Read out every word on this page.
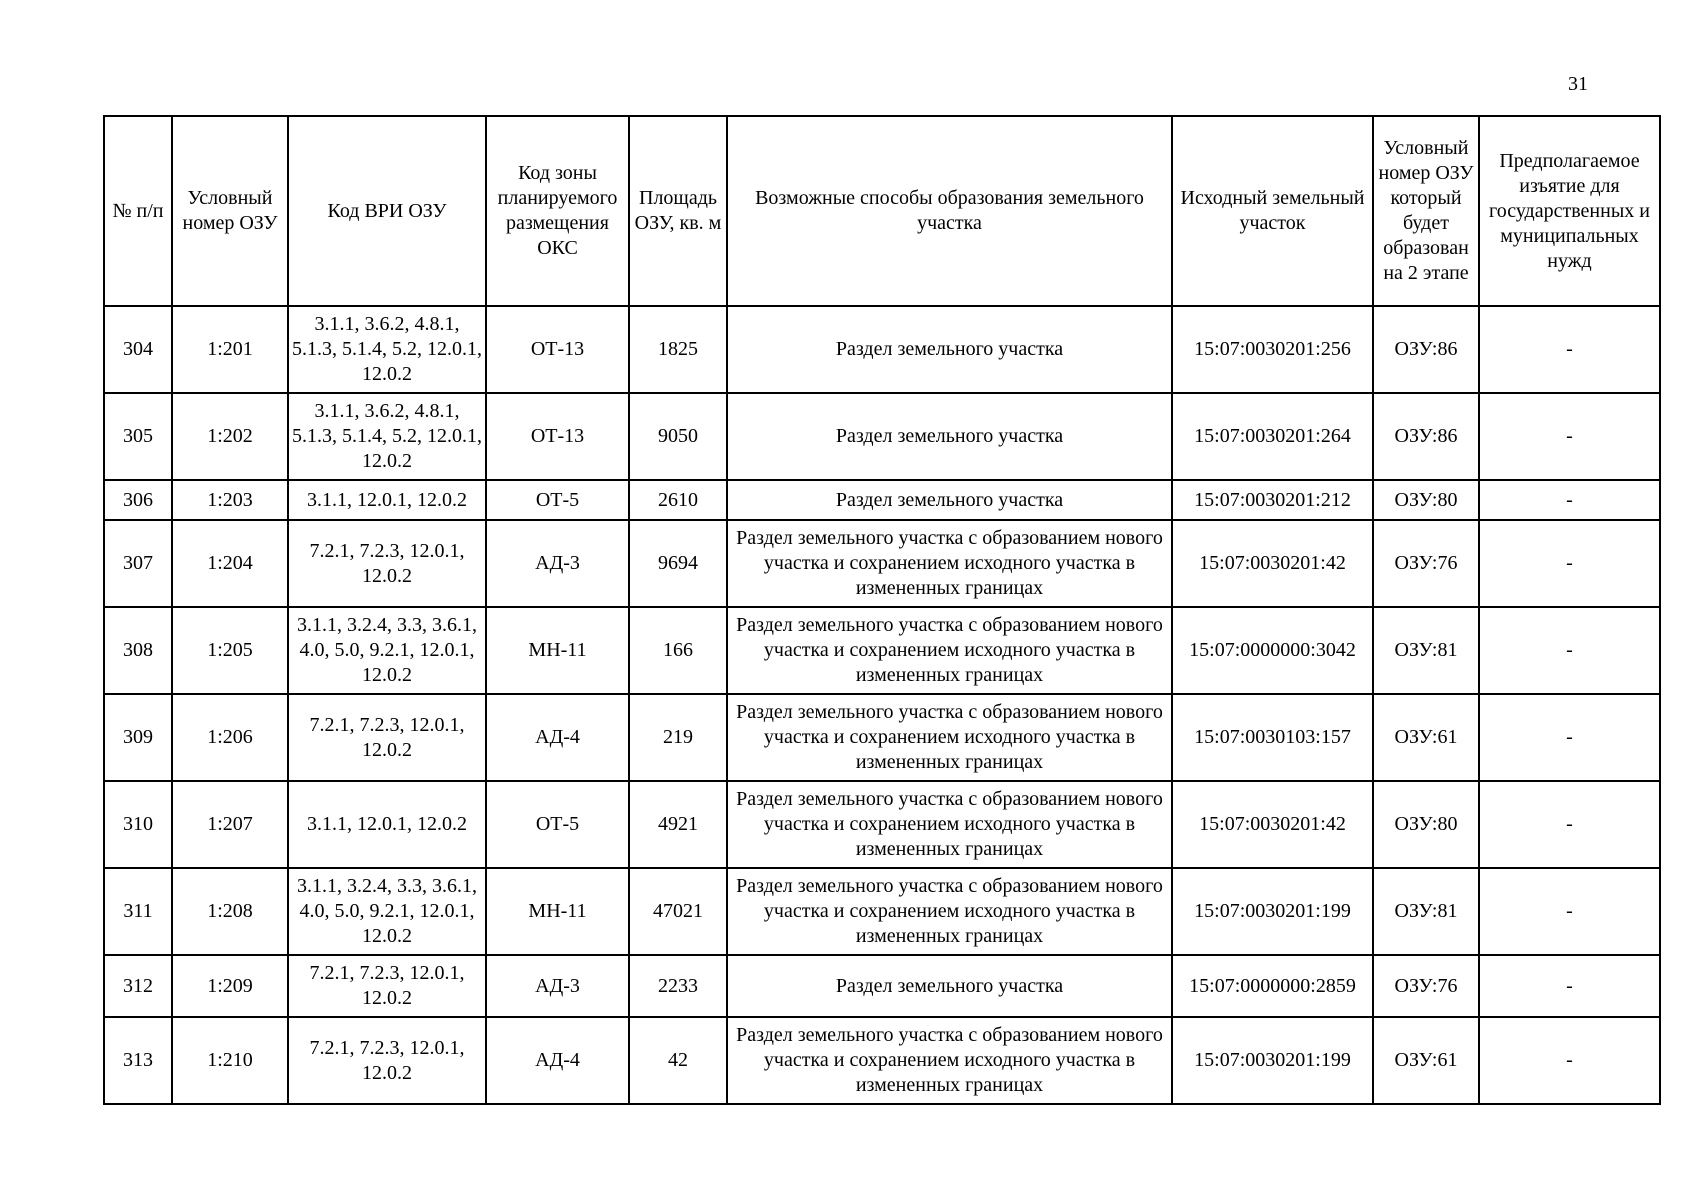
31
№ п/п	Условный номер ОЗУ	Код ВРИ ОЗУ	Код зоны планируемого размещения ОКС	Площадь ОЗУ, кв. м	Возможные способы образования земельного участка	Исходный земельный участок	Условный номер ОЗУ который будет образован на 2 этапе	Предполагаемое изъятие для государственных и муниципальных нужд

304	1:201	3.1.1, 3.6.2, 4.8.1, 5.1.3, 5.1.4, 5.2, 12.0.1, 12.0.2	ОТ-13	1825	Раздел земельного участка	15:07:0030201:256	ОЗУ:86	-
305	1:202	3.1.1, 3.6.2, 4.8.1, 5.1.3, 5.1.4, 5.2, 12.0.1, 12.0.2	ОТ-13	9050	Раздел земельного участка	15:07:0030201:264	ОЗУ:86	-
306	1:203	3.1.1, 12.0.1, 12.0.2	ОТ-5	2610	Раздел земельного участка	15:07:0030201:212	ОЗУ:80	-
307	1:204	7.2.1, 7.2.3, 12.0.1, 12.0.2	АД-3	9694	Раздел земельного участка с образованием нового участка и сохранением исходного участка в измененных границах	15:07:0030201:42	ОЗУ:76	-
308	1:205	3.1.1, 3.2.4, 3.3, 3.6.1, 4.0, 5.0, 9.2.1, 12.0.1, 12.0.2	МН-11	166	Раздел земельного участка с образованием нового участка и сохранением исходного участка в измененных границах	15:07:0000000:3042	ОЗУ:81	-
309	1:206	7.2.1, 7.2.3, 12.0.1, 12.0.2	АД-4	219	Раздел земельного участка с образованием нового участка и сохранением исходного участка в измененных границах	15:07:0030103:157	ОЗУ:61	-
310	1:207	3.1.1, 12.0.1, 12.0.2	ОТ-5	4921	Раздел земельного участка с образованием нового участка и сохранением исходного участка в измененных границах	15:07:0030201:42	ОЗУ:80	-
311	1:208	3.1.1, 3.2.4, 3.3, 3.6.1, 4.0, 5.0, 9.2.1, 12.0.1, 12.0.2	МН-11	47021	Раздел земельного участка с образованием нового участка и сохранением исходного участка в измененных границах	15:07:0030201:199	ОЗУ:81	-
312	1:209	7.2.1, 7.2.3, 12.0.1, 12.0.2	АД-3	2233	Раздел земельного участка	15:07:0000000:2859	ОЗУ:76	-
313	1:210	7.2.1, 7.2.3, 12.0.1, 12.0.2	АД-4	42	Раздел земельного участка с образованием нового участка и сохранением исходного участка в измененных границах	15:07:0030201:199	ОЗУ:61	-
